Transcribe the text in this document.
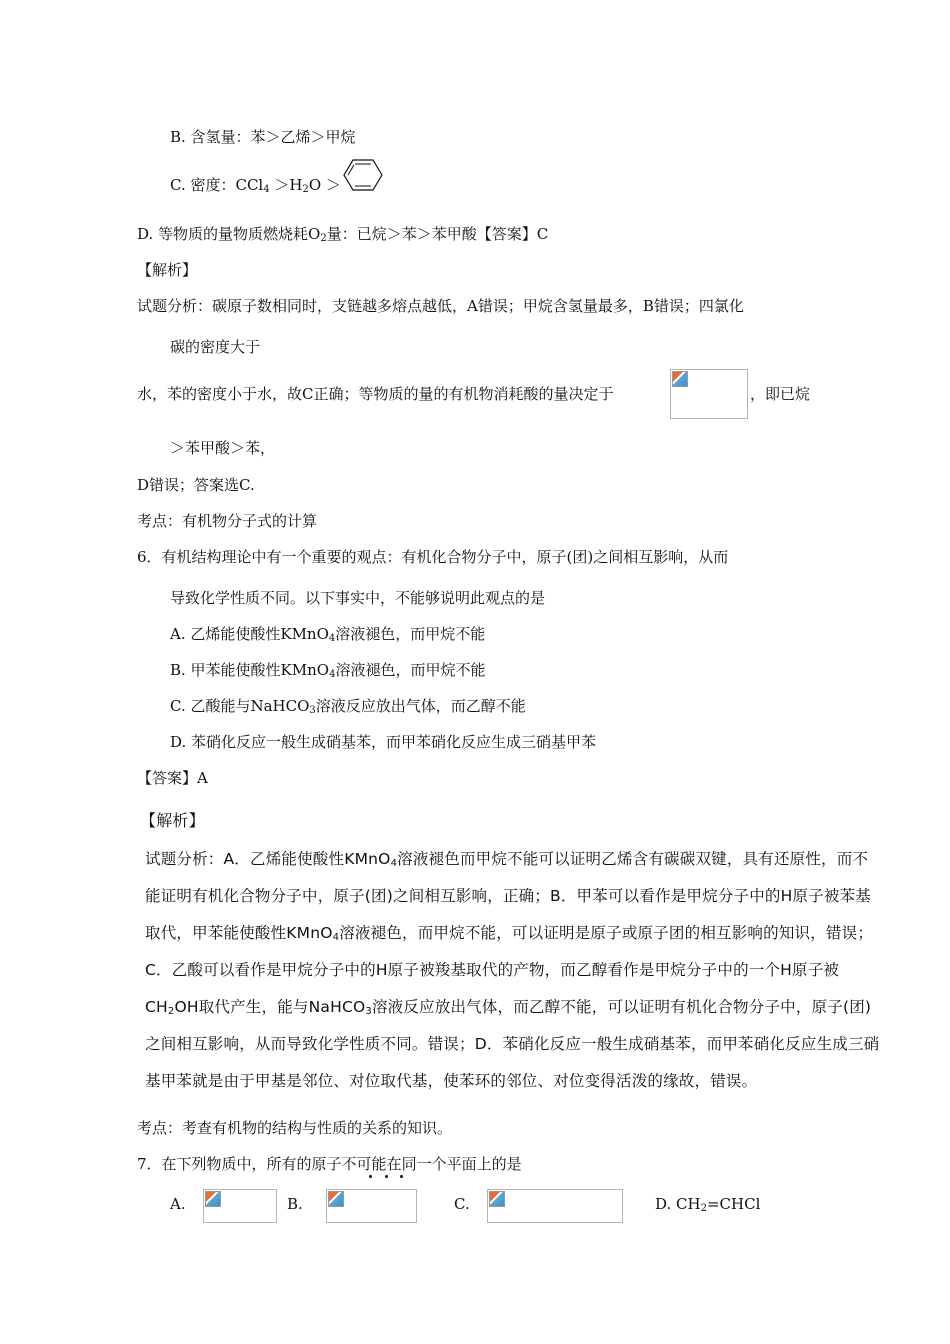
B. 含氢量：苯＞乙烯＞甲烷
C. 密度：$CCl_4 >H_2O$ ＞
D. 等物质的量物质燃烧耗$O_2$量：已烷＞苯＞苯甲酸【答案】C
【解析】
试题分析：碳原子数相同时，支链越多熔点越低，A错误；甲烷含氢量最多，B错误；四氯化
碳的密度大于
水，苯的密度小于水，故C正确；等物质的量的有机物消耗酸的量决定于	，即已烷
＞苯甲酸＞苯，
D错误；答案选C.
考点：有机物分子式的计算
6．有机结构理论中有一个重要的观点：有机化合物分子中，原子(团)之间相互影响，从而
导致化学性质不同。以下事实中，不能够说明此观点的是
A. 乙烯能使酸性KMnO$_4$溶液褪色，而甲烷不能
B. 甲苯能使酸性KMnO$_4$溶液褪色，而甲烷不能
C. 乙酸能与NaHCO$_3$溶液反应放出气体，而乙醇不能
D. 苯硝化反应一般生成硝基苯，而甲苯硝化反应生成三硝基甲苯
【答案】A
【解析】
试题分析：A．乙烯能使酸性KMnO$_4$溶液褪色而甲烷不能可以证明乙烯含有碳碳双键，具有还原性，而不
能证明有机化合物分子中，原子(团)之间相互影响，正确；B．甲苯可以看作是甲烷分子中的H原子被苯基
取代，甲苯能使酸性KMnO$_4$溶液褪色，而甲烷不能，可以证明是原子或原子团的相互影响的知识，错误；
C．乙酸可以看作是甲烷分子中的H原子被羧基取代的产物，而乙醇看作是甲烷分子中的一个H原子被
$CH_2OH$取代产生，能与NaHCO$_3$溶液反应放出气体，而乙醇不能，可以证明有机化合物分子中，原子(团)
之间相互影响，从而导致化学性质不同。错误；D．苯硝化反应一般生成硝基苯，而甲苯硝化反应生成三硝
基甲苯就是由于甲基是邻位、对位取代基，使苯环的邻位、对位变得活泼的缘故，错误。
考点：考查有机物的结构与性质的关系的知识。
7．在下列物质中，所有的原子不可能在同一个平面上的是
A.	B.	C.	D. $CH_2=CHCl$
